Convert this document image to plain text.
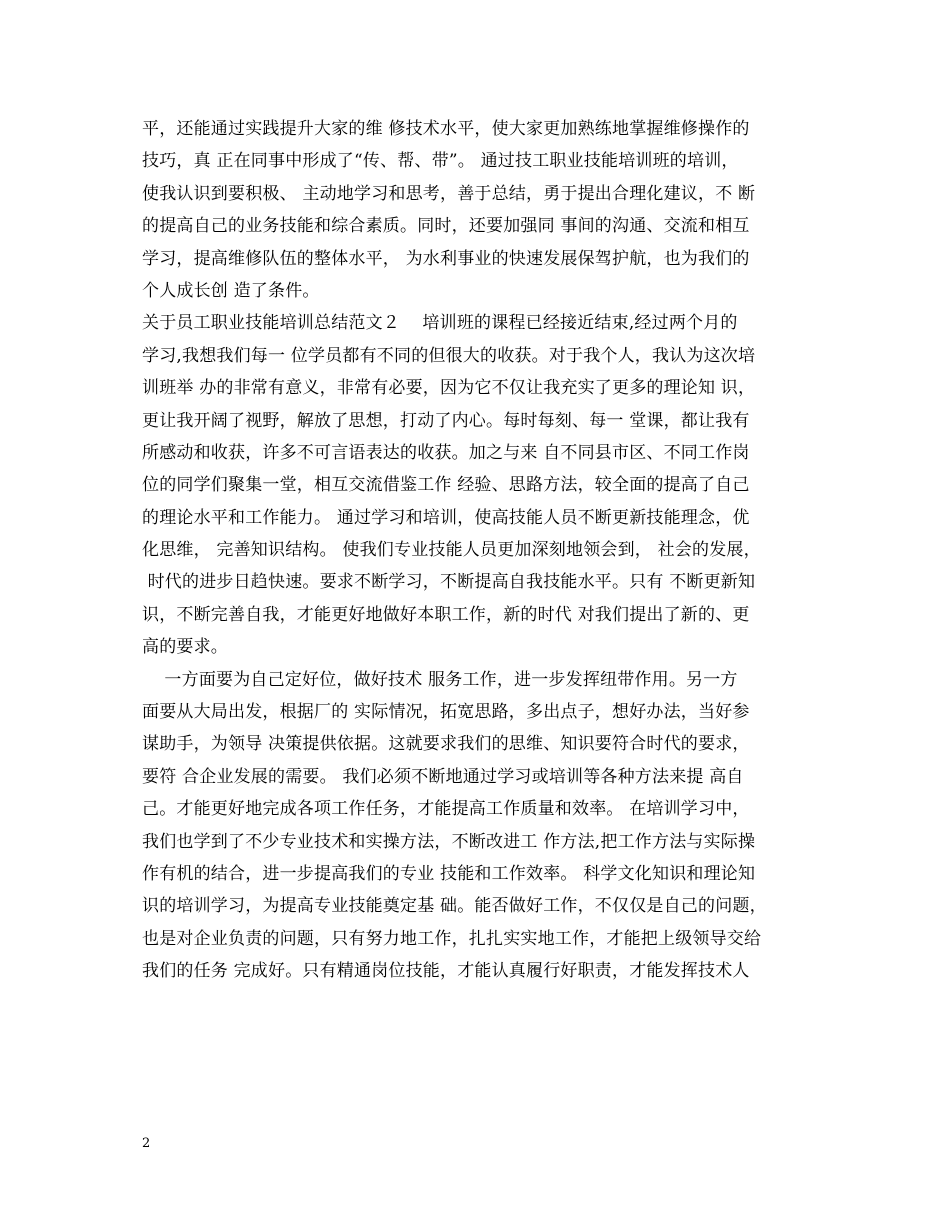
平，还能通过实践提升大家的维 修技术水平，使大家更加熟练地掌握维修操作的
技巧，真 正在同事中形成了“传、帮、带”。 通过技工职业技能培训班的培训，
使我认识到要积极、 主动地学习和思考，善于总结，勇于提出合理化建议，不 断
的提高自己的业务技能和综合素质。同时，还要加强同 事间的沟通、交流和相互
学习，提高维修队伍的整体水平， 为水利事业的快速发展保驾护航，也为我们的
个人成长创 造了条件。
关于员工职业技能培训总结范文２    培训班的课程已经接近结束,经过两个月的
学习,我想我们每一 位学员都有不同的但很大的收获。对于我个人，我认为这次培
训班举 办的非常有意义，非常有必要，因为它不仅让我充实了更多的理论知 识，
更让我开阔了视野，解放了思想，打动了内心。每时每刻、每一 堂课，都让我有
所感动和收获，许多不可言语表达的收获。加之与来 自不同县市区、不同工作岗
位的同学们聚集一堂，相互交流借鉴工作 经验、思路方法，较全面的提高了自己
的理论水平和工作能力。 通过学习和培训，使高技能人员不断更新技能理念，优
化思维， 完善知识结构。 使我们专业技能人员更加深刻地领会到， 社会的发展，
时代的进步日趋快速。要求不断学习，不断提高自我技能水平。只有 不断更新知
识，不断完善自我，才能更好地做好本职工作，新的时代 对我们提出了新的、更
高的要求。
一方面要为自己定好位，做好技术 服务工作，进一步发挥纽带作用。另一方
面要从大局出发，根据厂的 实际情况，拓宽思路，多出点子，想好办法，当好参
谋助手，为领导 决策提供依据。这就要求我们的思维、知识要符合时代的要求，
要符 合企业发展的需要。 我们必须不断地通过学习或培训等各种方法来提 高自
己。才能更好地完成各项工作任务，才能提高工作质量和效率。 在培训学习中，
我们也学到了不少专业技术和实操方法，不断改进工 作方法,把工作方法与实际操
作有机的结合，进一步提高我们的专业 技能和工作效率。 科学文化知识和理论知
识的培训学习，为提高专业技能奠定基 础。能否做好工作，不仅仅是自己的问题，
也是对企业负责的问题，只有努力地工作，扎扎实实地工作，才能把上级领导交给
我们的任务 完成好。只有精通岗位技能，才能认真履行好职责，才能发挥技术人
2
